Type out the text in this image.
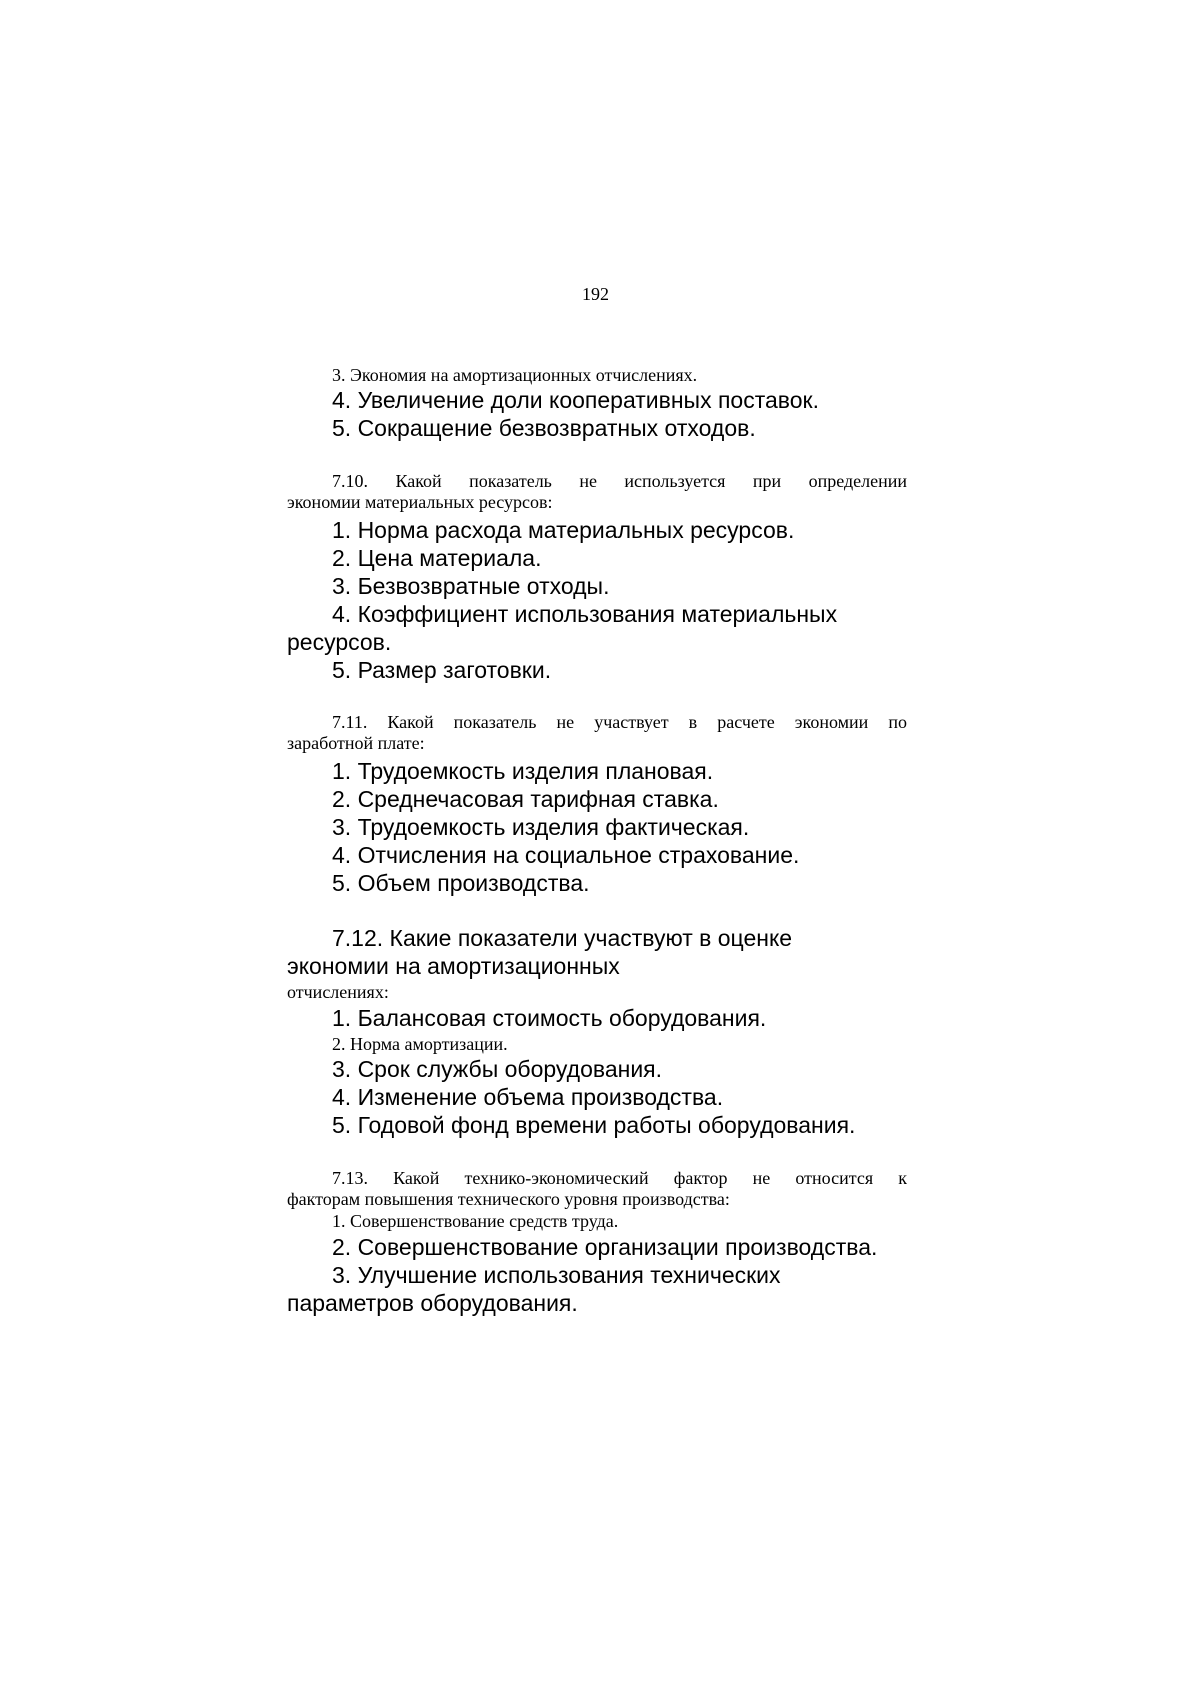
192

3. Экономия на амортизационных отчислениях.

4. Увеличение доли кооперативных поставок.

5. Сокращение безвозвратных отходов.

7.10. Какой показатель не используется при определении

экономии материальных ресурсов:

1. Норма расхода материальных ресурсов.

2. Цена материала.

3. Безвозвратные отходы.

4. Коэффициент использования материальных

ресурсов.

5. Размер заготовки.

7.11. Какой показатель не участвует в расчете экономии по

заработной плате:

1. Трудоемкость изделия плановая.

2. Среднечасовая тарифная ставка.

3. Трудоемкость изделия фактическая.

4. Отчисления на социальное страхование.

5. Объем производства.

7.12. Какие показатели участвуют в оценке

экономии на амортизационных

отчислениях:

1. Балансовая стоимость оборудования.

2. Норма амортизации.

3. Срок службы оборудования.

4. Изменение объема производства.

5. Годовой фонд времени работы оборудования.

7.13. Какой технико-экономический фактор не относится к

факторам повышения технического уровня производства:

1. Совершенствование средств труда.

2. Совершенствование организации производства.

3. Улучшение использования технических

параметров оборудования.
